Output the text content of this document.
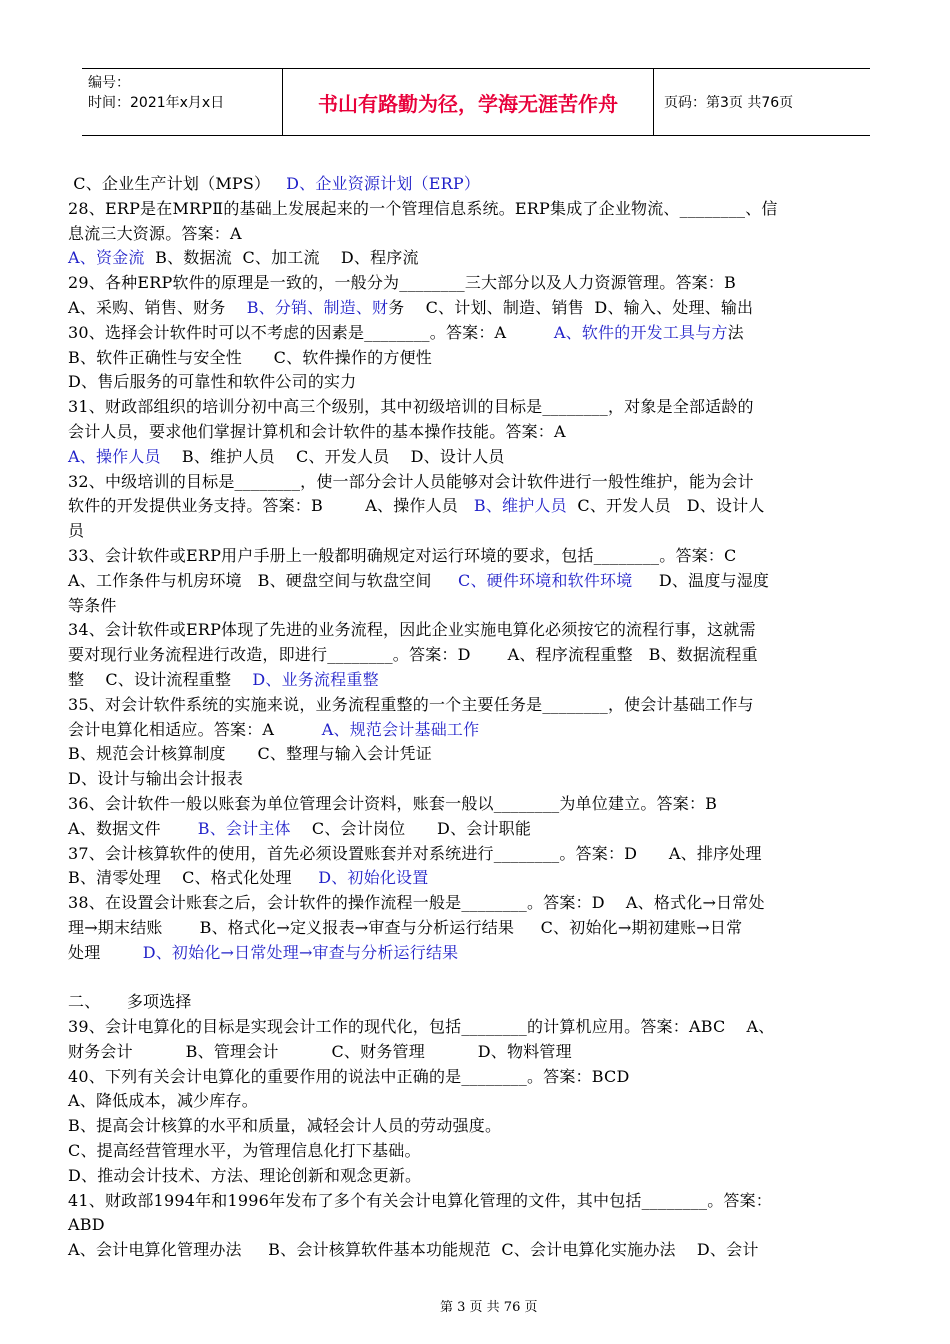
编号：
时间：2021年x月x日	书山有路勤为径，学海无涯苦作舟	页码：第3页 共76页
C、企业生产计划（MPS）   D、企业资源计划（ERP）
28、ERP是在MRPⅡ的基础上发展起来的一个管理信息系统。ERP集成了企业物流、________、信
息流三大资源。答案：A
A、资金流  B、数据流  C、加工流    D、程序流
29、各种ERP软件的原理是一致的，一般分为________三大部分以及人力资源管理。答案：B
A、采购、销售、财务    B、分销、制造、财务    C、计划、制造、销售  D、输入、处理、输出
30、选择会计软件时可以不考虑的因素是________。答案：A         A、软件的开发工具与方法
B、软件正确性与安全性      C、软件操作的方便性
D、售后服务的可靠性和软件公司的实力
31、财政部组织的培训分初中高三个级别，其中初级培训的目标是________，对象是全部适龄的
会计人员，要求他们掌握计算机和会计软件的基本操作技能。答案：A
A、操作人员    B、维护人员    C、开发人员    D、设计人员
32、中级培训的目标是________，使一部分会计人员能够对会计软件进行一般性维护，能为会计
软件的开发提供业务支持。答案：B        A、操作人员   B、维护人员  C、开发人员   D、设计人
员
33、会计软件或ERP用户手册上一般都明确规定对运行环境的要求，包括________。答案：C
A、工作条件与机房环境   B、硬盘空间与软盘空间     C、硬件环境和软件环境     D、温度与湿度
等条件
34、会计软件或ERP体现了先进的业务流程，因此企业实施电算化必须按它的流程行事，这就需
要对现行业务流程进行改造，即进行________。答案：D       A、程序流程重整   B、数据流程重
整    C、设计流程重整    D、业务流程重整
35、对会计软件系统的实施来说，业务流程重整的一个主要任务是________，使会计基础工作与
会计电算化相适应。答案：A         A、规范会计基础工作
B、规范会计核算制度      C、整理与输入会计凭证
D、设计与输出会计报表
36、会计软件一般以账套为单位管理会计资料，账套一般以________为单位建立。答案：B
A、数据文件       B、会计主体    C、会计岗位      D、会计职能
37、会计核算软件的使用，首先必须设置账套并对系统进行________。答案：D      A、排序处理
B、清零处理    C、格式化处理     D、初始化设置
38、在设置会计账套之后，会计软件的操作流程一般是________。答案：D    A、格式化→日常处
理→期末结账       B、格式化→定义报表→审查与分析运行结果     C、初始化→期初建账→日常
处理        D、初始化→日常处理→审查与分析运行结果
二、     多项选择
39、会计电算化的目标是实现会计工作的现代化，包括________的计算机应用。答案：ABC    A、
财务会计          B、管理会计          C、财务管理          D、物料管理
40、下列有关会计电算化的重要作用的说法中正确的是________。答案：BCD
A、降低成本，减少库存。
B、提高会计核算的水平和质量，减轻会计人员的劳动强度。
C、提高经营管理水平，为管理信息化打下基础。
D、推动会计技术、方法、理论创新和观念更新。
41、财政部1994年和1996年发布了多个有关会计电算化管理的文件，其中包括________。答案：
ABD
A、会计电算化管理办法     B、会计核算软件基本功能规范  C、会计电算化实施办法    D、会计
第 3 页 共 76 页
